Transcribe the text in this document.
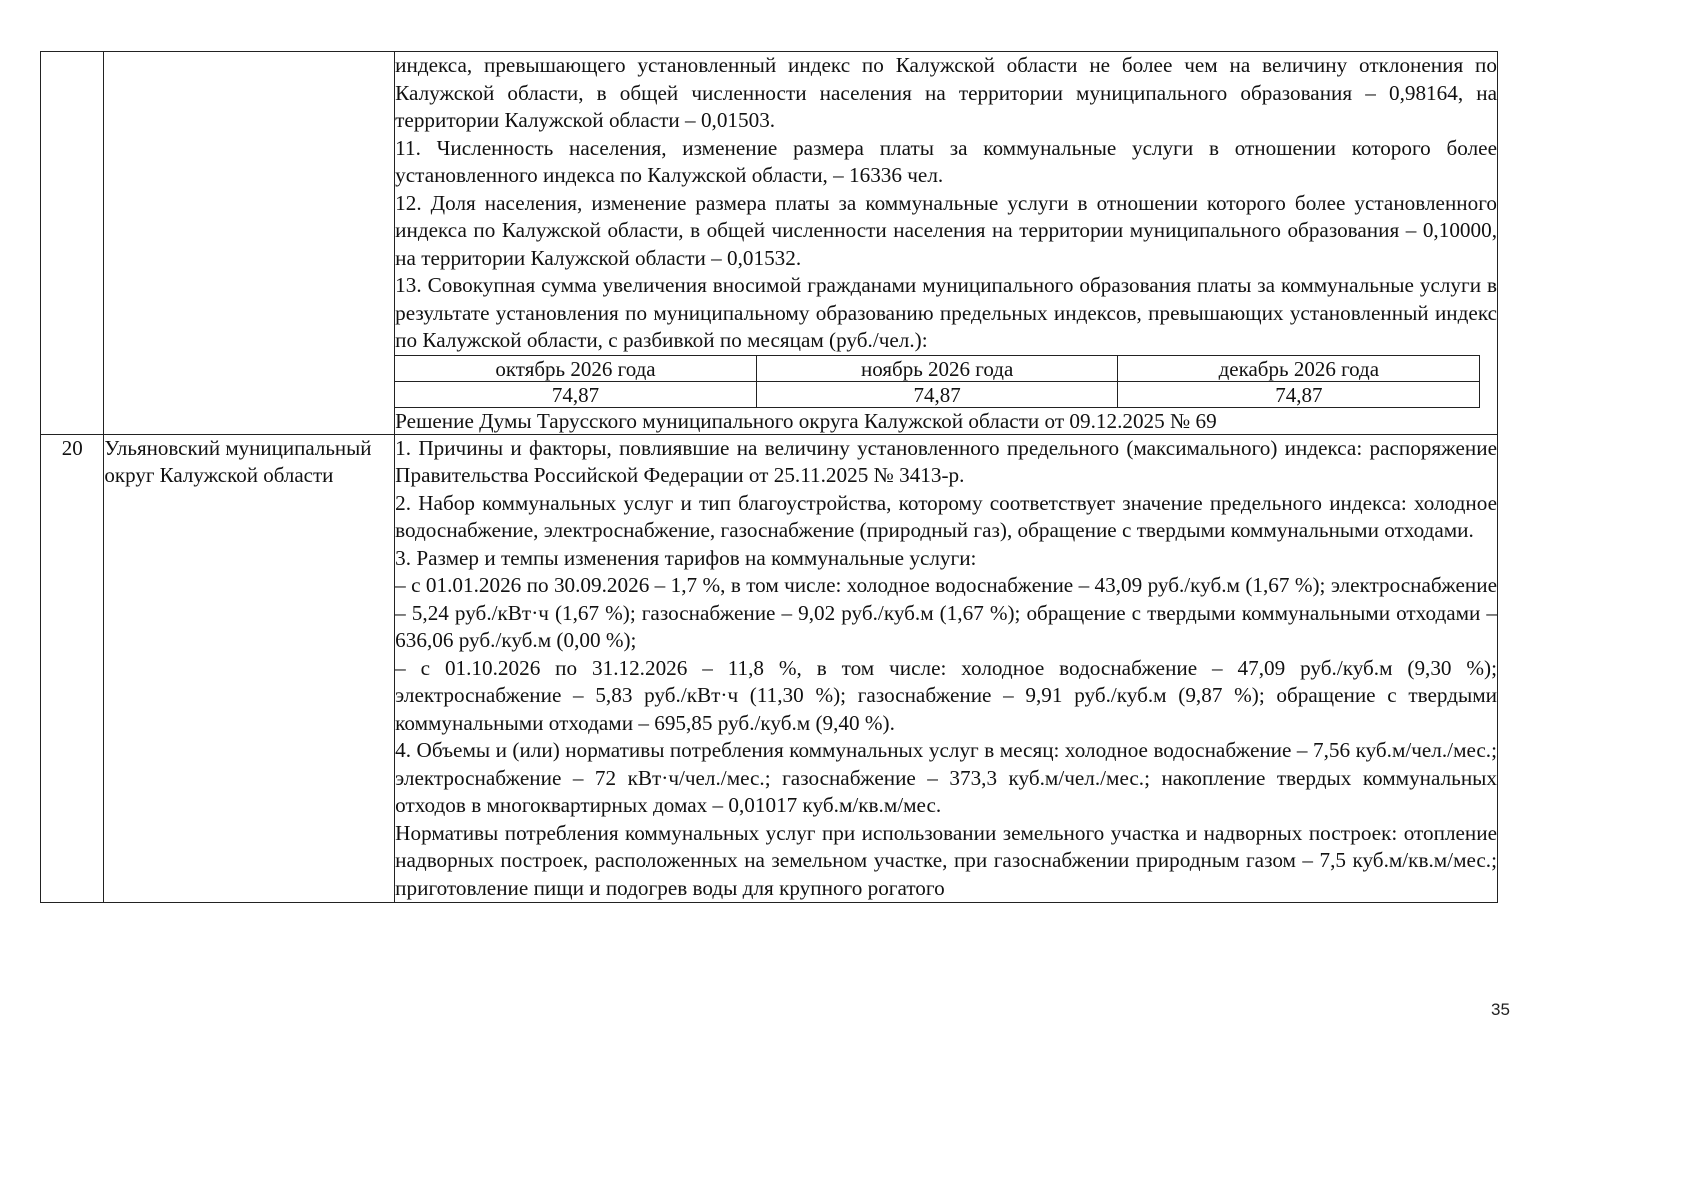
индекса, превышающего установленный индекс по Калужской области не более чем на величину отклонения по Калужской области, в общей численности населения на территории муниципального образования – 0,98164, на территории Калужской области – 0,01503.

11. Численность населения, изменение размера платы за коммунальные услуги в отношении которого более установленного индекса по Калужской области, – 16336 чел.

12. Доля населения, изменение размера платы за коммунальные услуги в отношении которого более установленного индекса по Калужской области, в общей численности населения на территории муниципального образования – 0,10000, на территории Калужской области – 0,01532.

13. Совокупная сумма увеличения вносимой гражданами муниципального образования платы за коммунальные услуги в результате установления по муниципальному образованию предельных индексов, превышающих установленный индекс по Калужской области, с разбивкой по месяцам (руб./чел.):

октябрь 2026 года	ноябрь 2026 года	декабрь 2026 года
74,87	74,87	74,87
Решение Думы Тарусского муниципального округа Калужской области от 09.12.2025 № 69

20	Ульяновский муниципальный округ Калужской области	

1. Причины и факторы, повлиявшие на величину установленного предельного (максимального) индекса: распоряжение Правительства Российской Федерации от 25.11.2025 № 3413-р.

2. Набор коммунальных услуг и тип благоустройства, которому соответствует значение предельного индекса: холодное водоснабжение, электроснабжение, газоснабжение (природный газ), обращение с твердыми коммунальными отходами.

3. Размер и темпы изменения тарифов на коммунальные услуги:

– с 01.01.2026 по 30.09.2026 – 1,7 %, в том числе: холодное водоснабжение – 43,09 руб./куб.м (1,67 %); электроснабжение – 5,24 руб./кВт·ч (1,67 %); газоснабжение – 9,02 руб./куб.м (1,67 %); обращение с твердыми коммунальными отходами – 636,06 руб./куб.м (0,00 %);

– с 01.10.2026 по 31.12.2026 – 11,8 %, в том числе: холодное водоснабжение – 47,09 руб./куб.м (9,30 %); электроснабжение – 5,83 руб./кВт·ч (11,30 %); газоснабжение – 9,91 руб./куб.м (9,87 %); обращение с твердыми коммунальными отходами – 695,85 руб./куб.м (9,40 %).

4. Объемы и (или) нормативы потребления коммунальных услуг в месяц: холодное водоснабжение – 7,56 куб.м/чел./мес.; электроснабжение – 72 кВт·ч/чел./мес.; газоснабжение – 373,3 куб.м/чел./мес.; накопление твердых коммунальных отходов в многоквартирных домах – 0,01017 куб.м/кв.м/мес.

Нормативы потребления коммунальных услуг при использовании земельного участка и надворных построек: отопление надворных построек, расположенных на земельном участке, при газоснабжении природным газом – 7,5 куб.м/кв.м/мес.; приготовление пищи и подогрев воды для крупного рогатого

35
